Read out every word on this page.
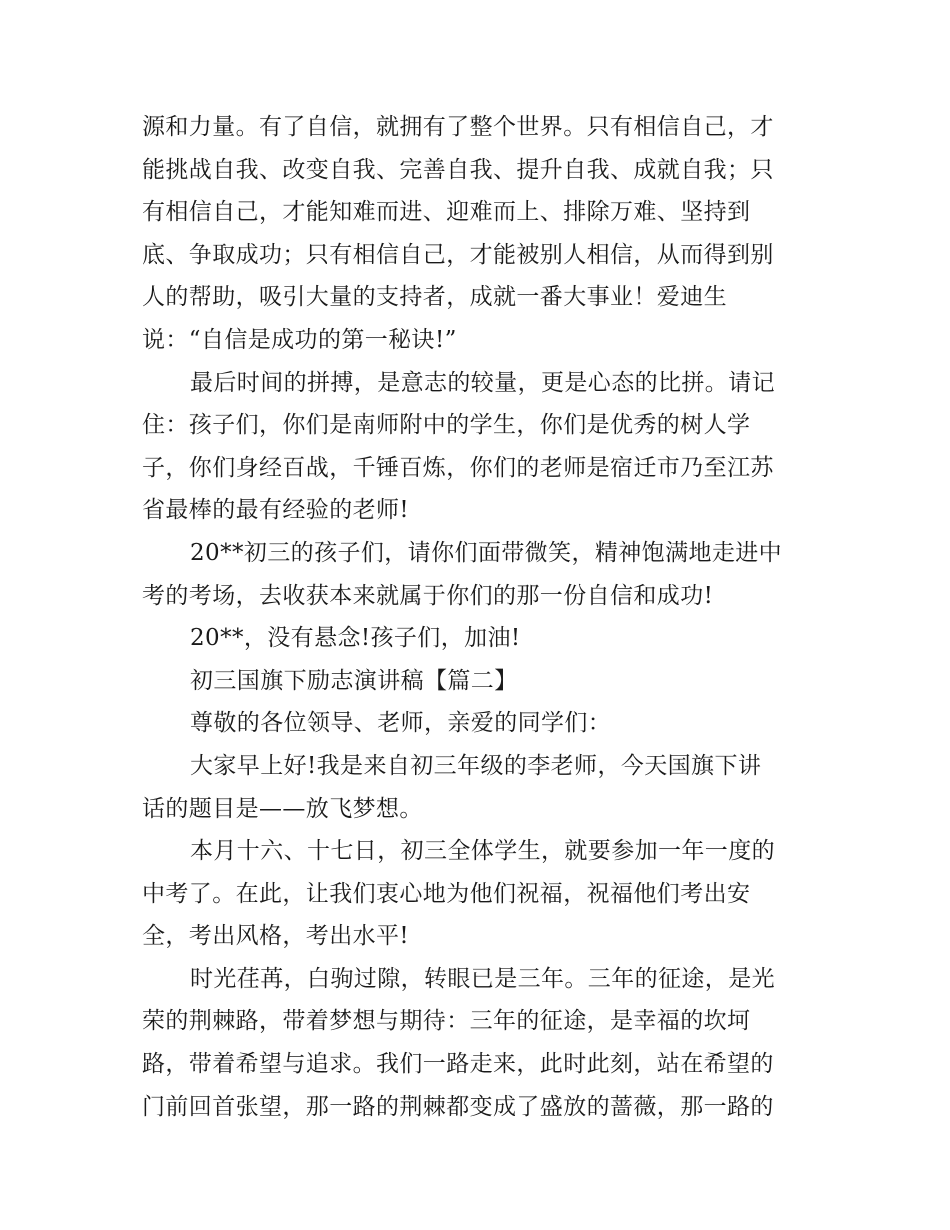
源和力量。有了自信，就拥有了整个世界。只有相信自己，才
能挑战自我、改变自我、完善自我、提升自我、成就自我；只
有相信自己，才能知难而进、迎难而上、排除万难、坚持到
底、争取成功；只有相信自己，才能被别人相信，从而得到别
人的帮助，吸引大量的支持者，成就一番大事业！爱迪生
说：“自信是成功的第一秘诀!”
最后时间的拼搏，是意志的较量，更是心态的比拼。请记
住：孩子们，你们是南师附中的学生，你们是优秀的树人学
子，你们身经百战，千锤百炼，你们的老师是宿迁市乃至江苏
省最棒的最有经验的老师!
20**初三的孩子们，请你们面带微笑，精神饱满地走进中
考的考场，去收获本来就属于你们的那一份自信和成功!
20**，没有悬念!孩子们，加油!
初三国旗下励志演讲稿【篇二】
尊敬的各位领导、老师，亲爱的同学们：
大家早上好!我是来自初三年级的李老师，今天国旗下讲
话的题目是——放飞梦想。
本月十六、十七日，初三全体学生，就要参加一年一度的
中考了。在此，让我们衷心地为他们祝福，祝福他们考出安
全，考出风格，考出水平!
时光荏苒，白驹过隙，转眼已是三年。三年的征途，是光
荣的荆棘路，带着梦想与期待：三年的征途，是幸福的坎坷
路，带着希望与追求。我们一路走来，此时此刻，站在希望的
门前回首张望，那一路的荆棘都变成了盛放的蔷薇，那一路的
